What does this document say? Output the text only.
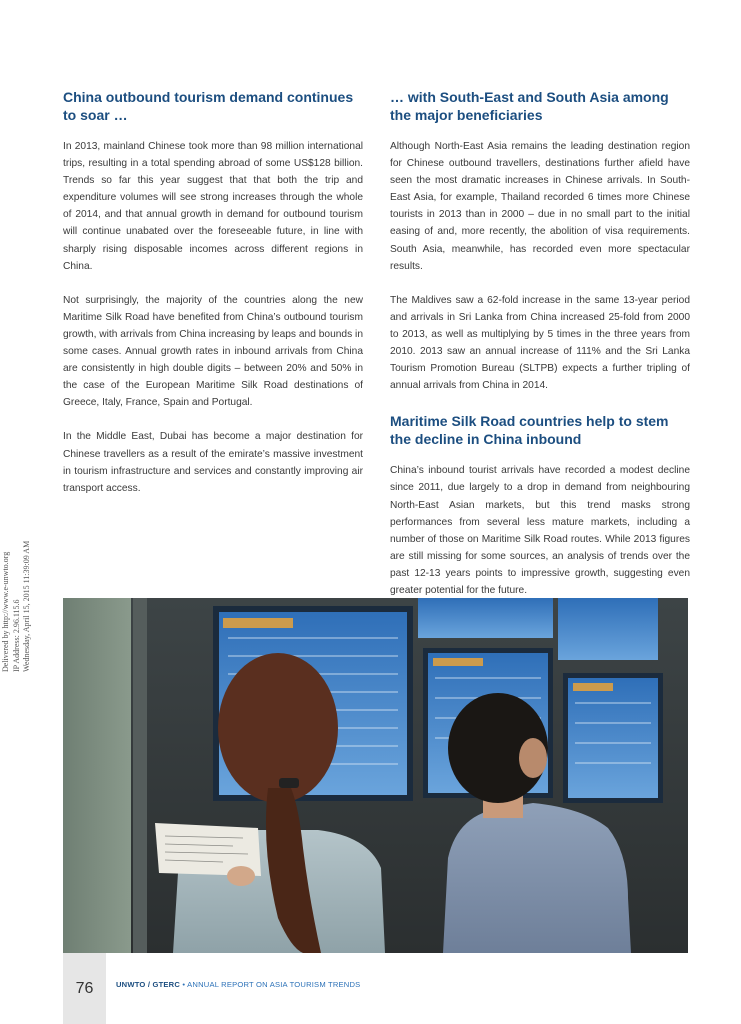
China outbound tourism demand continues to soar …

In 2013, mainland Chinese took more than 98 million international trips, resulting in a total spending abroad of some US$128 billion. Trends so far this year suggest that that both the trip and expenditure volumes will see strong increases through the whole of 2014, and that annual growth in demand for outbound tourism will continue unabated over the foreseeable future, in line with sharply rising disposable incomes across different regions in China.

Not surprisingly, the majority of the countries along the new Maritime Silk Road have benefited from China’s outbound tourism growth, with arrivals from China increasing by leaps and bounds in some cases. Annual growth rates in inbound arrivals from China are consistently in high double digits – between 20% and 50% in the case of the European Maritime Silk Road destinations of Greece, Italy, France, Spain and Portugal.

In the Middle East, Dubai has become a major destination for Chinese travellers as a result of the emirate’s massive investment in tourism infrastructure and services and constantly improving air transport access.

… with South-East and South Asia among the major beneficiaries

Although North-East Asia remains the leading destination region for Chinese outbound travellers, destinations further afield have seen the most dramatic increases in Chinese arrivals. In South-East Asia, for example, Thailand recorded 6 times more Chinese tourists in 2013 than in 2000 – due in no small part to the initial easing of and, more recently, the abolition of visa requirements. South Asia, meanwhile, has recorded even more spectacular results.

The Maldives saw a 62-fold increase in the same 13-year period and arrivals in Sri Lanka from China increased 25-fold from 2000 to 2013, as well as multiplying by 5 times in the three years from 2010. 2013 saw an annual increase of 111% and the Sri Lanka Tourism Promotion Bureau (SLTPB) expects a further tripling of annual arrivals from China in 2014.

Maritime Silk Road countries help to stem the decline in China inbound

China’s inbound tourist arrivals have recorded a modest decline since 2011, due largely to a drop in demand from neighbouring North-East Asian markets, but this trend masks strong performances from several less mature markets, including a number of those on Maritime Silk Road routes. While 2013 figures are still missing for some sources, an analysis of trends over the past 12-13 years points to impressive growth, suggesting even greater potential for the future.

Delivered by http://www.e-unwto.org IP Address: 2.96.115.6 Wednesday, April 15, 2015 11:39:09 AM
76	UNWTO / GTERC • ANNUAL REPORT ON ASIA TOURISM TRENDS
